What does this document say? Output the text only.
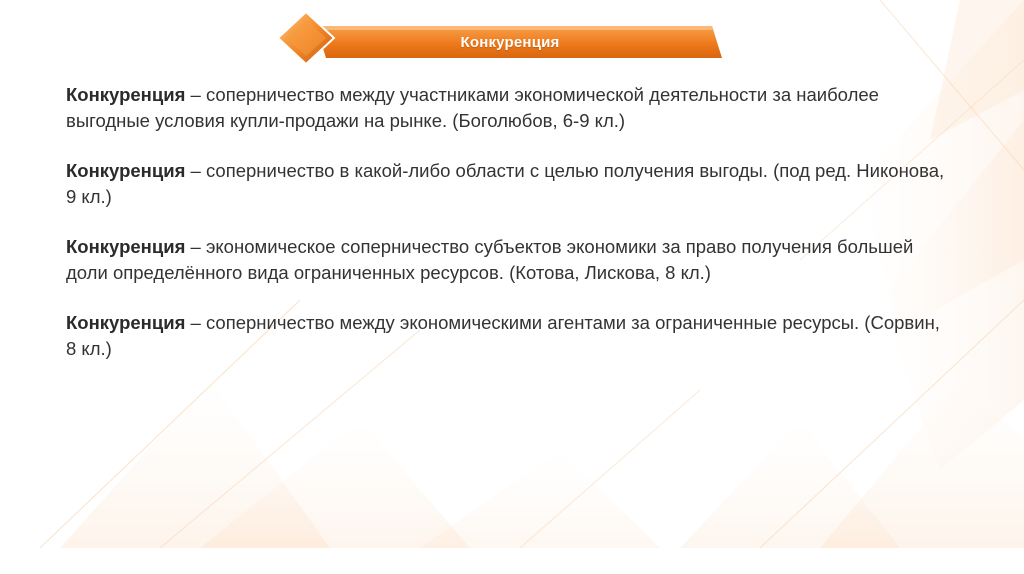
Конкуренция

Конкуренция – соперничество между участниками экономической деятельности за наиболее выгодные условия купли-продажи на рынке. (Боголюбов, 6-9 кл.)

Конкуренция – соперничество в какой-либо области с целью получения выгоды. (под ред. Никонова, 9 кл.)

Конкуренция – экономическое соперничество субъектов экономики за право получения большей доли определённого вида ограниченных ресурсов. (Котова, Лискова, 8 кл.)

Конкуренция – соперничество между экономическими агентами за ограниченные ресурсы. (Сорвин, 8 кл.)
